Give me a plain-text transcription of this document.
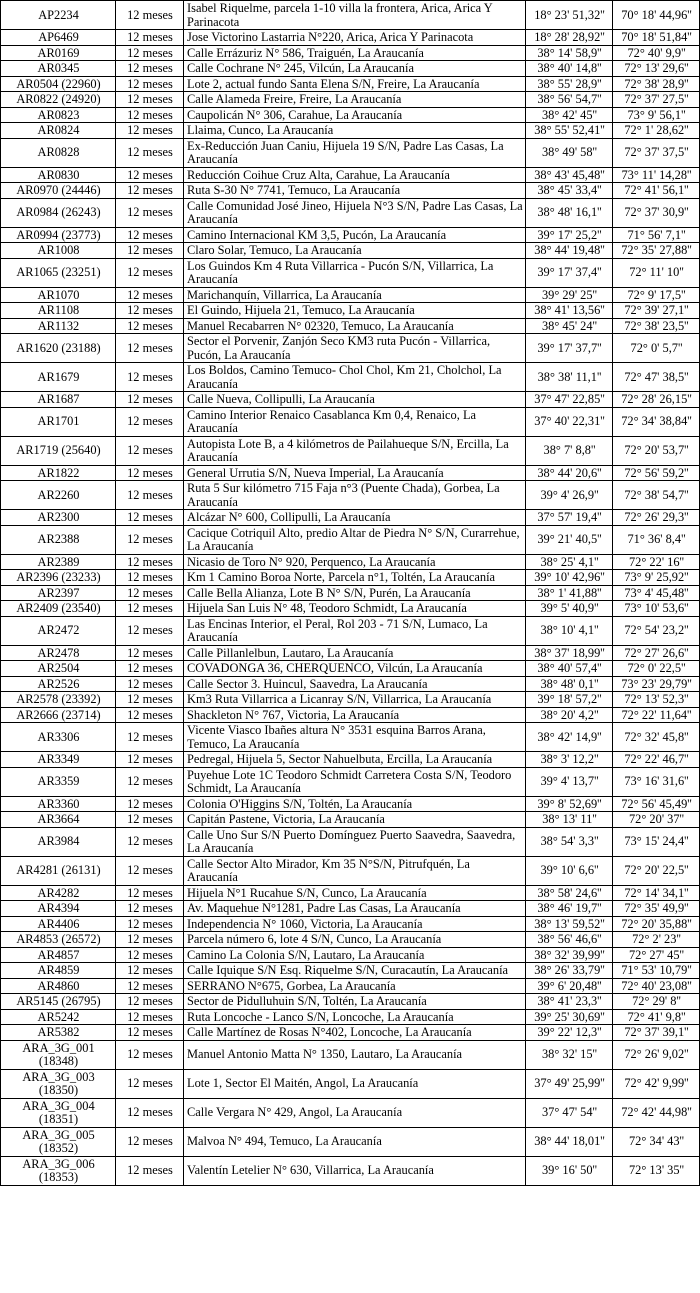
AP2234	12 meses	Isabel Riquelme, parcela 1-10 villa la frontera, Arica, Arica Y Parinacota	18° 23' 51,32''	70° 18' 44,96''
AP6469	12 meses	Jose Victorino Lastarria N°220, Arica, Arica Y Parinacota	18° 28' 28,92''	70° 18' 51,84''
AR0169	12 meses	Calle Errázuriz N° 586, Traiguén, La Araucanía	38° 14' 58,9''	72° 40' 9,9''
AR0345	12 meses	Calle Cochrane N° 245, Vilcún, La Araucanía	38° 40' 14,8''	72° 13' 29,6''
AR0504 (22960)	12 meses	Lote 2, actual fundo Santa Elena S/N, Freire, La Araucanía	38° 55' 28,9''	72° 38' 28,9''
AR0822 (24920)	12 meses	Calle Alameda Freire, Freire, La Araucanía	38° 56' 54,7''	72° 37' 27,5''
AR0823	12 meses	Caupolicán N° 306, Carahue, La Araucanía	38° 42' 45''	73° 9' 56,1''
AR0824	12 meses	Llaima, Cunco, La Araucanía	38° 55' 52,41''	72° 1' 28,62''
AR0828	12 meses	Ex-Reducción Juan Caniu, Hijuela 19 S/N, Padre Las Casas, La Araucanía	38° 49' 58''	72° 37' 37,5''
AR0830	12 meses	Reducción Coihue Cruz Alta, Carahue, La Araucanía	38° 43' 45,48''	73° 11' 14,28''
AR0970 (24446)	12 meses	Ruta S-30 N° 7741, Temuco, La Araucanía	38° 45' 33,4''	72° 41' 56,1''
AR0984 (26243)	12 meses	Calle Comunidad José Jineo, Hijuela N°3 S/N, Padre Las Casas, La Araucanía	38° 48' 16,1''	72° 37' 30,9''
AR0994 (23773)	12 meses	Camino Internacional KM 3,5, Pucón, La Araucanía	39° 17' 25,2''	71° 56' 7,1''
AR1008	12 meses	Claro Solar, Temuco, La Araucanía	38° 44' 19,48''	72° 35' 27,88''
AR1065 (23251)	12 meses	Los Guindos Km 4 Ruta Villarrica - Pucón S/N, Villarrica, La Araucanía	39° 17' 37,4''	72° 11' 10''
AR1070	12 meses	Marichanquín, Villarrica, La Araucanía	39° 29' 25''	72° 9' 17,5''
AR1108	12 meses	El Guindo, Hijuela 21, Temuco, La Araucanía	38° 41' 13,56''	72° 39' 27,1''
AR1132	12 meses	Manuel Recabarren N° 02320, Temuco, La Araucanía	38° 45' 24''	72° 38' 23,5''
AR1620 (23188)	12 meses	Sector el Porvenir, Zanjón Seco KM3 ruta Pucón - Villarrica, Pucón, La Araucanía	39° 17' 37,7''	72° 0' 5,7''
AR1679	12 meses	Los Boldos, Camino Temuco- Chol Chol, Km 21, Cholchol, La Araucanía	38° 38' 11,1''	72° 47' 38,5''
AR1687	12 meses	Calle Nueva, Collipulli, La Araucanía	37° 47' 22,85''	72° 28' 26,15''
AR1701	12 meses	Camino Interior Renaico Casablanca Km 0,4, Renaico, La Araucanía	37° 40' 22,31''	72° 34' 38,84''
AR1719 (25640)	12 meses	Autopista Lote B, a 4 kilómetros de Pailahueque S/N, Ercilla, La Araucanía	38° 7' 8,8''	72° 20' 53,7''
AR1822	12 meses	General Urrutia S/N, Nueva Imperial, La Araucanía	38° 44' 20,6''	72° 56' 59,2''
AR2260	12 meses	Ruta 5 Sur kilómetro 715 Faja n°3 (Puente Chada), Gorbea, La Araucanía	39° 4' 26,9''	72° 38' 54,7''
AR2300	12 meses	Alcázar N° 600, Collipulli, La Araucanía	37° 57' 19,4''	72° 26' 29,3''
AR2388	12 meses	Cacique Cotriquil Alto, predio Altar de Piedra N° S/N, Curarrehue, La Araucanía	39° 21' 40,5''	71° 36' 8,4''
AR2389	12 meses	Nicasio de Toro N° 920, Perquenco, La Araucanía	38° 25' 4,1''	72° 22' 16''
AR2396 (23233)	12 meses	Km 1 Camino Boroa Norte, Parcela n°1, Toltén, La Araucanía	39° 10' 42,96''	73° 9' 25,92''
AR2397	12 meses	Calle Bella Alianza, Lote B N° S/N, Purén, La Araucanía	38° 1' 41,88''	73° 4' 45,48''
AR2409 (23540)	12 meses	Hijuela San Luis N° 48, Teodoro Schmidt, La Araucanía	39° 5' 40,9''	73° 10' 53,6''
AR2472	12 meses	Las Encinas Interior, el Peral, Rol 203 - 71 S/N, Lumaco, La Araucanía	38° 10' 4,1''	72° 54' 23,2''
AR2478	12 meses	Calle Pillanlelbun, Lautaro, La Araucanía	38° 37' 18,99''	72° 27' 26,6''
AR2504	12 meses	COVADONGA 36, CHERQUENCO, Vilcún, La Araucanía	38° 40' 57,4''	72° 0' 22,5''
AR2526	12 meses	Calle Sector 3. Huincul, Saavedra, La Araucanía	38° 48' 0,1''	73° 23' 29,79''
AR2578 (23392)	12 meses	Km3 Ruta Villarrica a Licanray S/N, Villarrica, La Araucanía	39° 18' 57,2''	72° 13' 52,3''
AR2666 (23714)	12 meses	Shackleton N° 767, Victoria, La Araucanía	38° 20' 4,2''	72° 22' 11,64''
AR3306	12 meses	Vicente Viasco Ibañes altura N° 3531 esquina Barros Arana, Temuco, La Araucanía	38° 42' 14,9''	72° 32' 45,8''
AR3349	12 meses	Pedregal, Hijuela 5, Sector Nahuelbuta, Ercilla, La Araucanía	38° 3' 12,2''	72° 22' 46,7''
AR3359	12 meses	Puyehue Lote 1C Teodoro Schmidt Carretera Costa S/N, Teodoro Schmidt, La Araucanía	39° 4' 13,7''	73° 16' 31,6''
AR3360	12 meses	Colonia O'Higgins S/N, Toltén, La Araucanía	39° 8' 52,69''	72° 56' 45,49''
AR3664	12 meses	Capitán Pastene, Victoria, La Araucanía	38° 13' 11''	72° 20' 37''
AR3984	12 meses	Calle Uno Sur S/N Puerto Domínguez Puerto Saavedra, Saavedra, La Araucanía	38° 54' 3,3''	73° 15' 24,4''
AR4281 (26131)	12 meses	Calle Sector Alto Mirador, Km 35 N°S/N, Pitrufquén, La Araucanía	39° 10' 6,6''	72° 20' 22,5''
AR4282	12 meses	Hijuela N°1 Rucahue S/N, Cunco, La Araucanía	38° 58' 24,6''	72° 14' 34,1''
AR4394	12 meses	Av. Maquehue N°1281, Padre Las Casas, La Araucanía	38° 46' 19,7''	72° 35' 49,9''
AR4406	12 meses	Independencia N° 1060, Victoria, La Araucanía	38° 13' 59,52''	72° 20' 35,88''
AR4853 (26572)	12 meses	Parcela número 6, lote 4 S/N, Cunco, La Araucanía	38° 56' 46,6''	72° 2' 23''
AR4857	12 meses	Camino La Colonia S/N, Lautaro, La Araucanía	38° 32' 39,99''	72° 27' 45''
AR4859	12 meses	Calle Iquique S/N Esq. Riquelme S/N, Curacautín, La Araucanía	38° 26' 33,79''	71° 53' 10,79''
AR4860	12 meses	SERRANO N°675, Gorbea, La Araucanía	39° 6' 20,48''	72° 40' 23,08''
AR5145 (26795)	12 meses	Sector de Pidulluhuin S/N, Toltén, La Araucanía	38° 41' 23,3''	72° 29' 8''
AR5242	12 meses	Ruta Loncoche - Lanco S/N, Loncoche, La Araucanía	39° 25' 30,69''	72° 41' 9,8''
AR5382	12 meses	Calle Martínez de Rosas N°402, Loncoche, La Araucanía	39° 22' 12,3''	72° 37' 39,1''
ARA_3G_001 (18348)	12 meses	Manuel Antonio Matta N° 1350, Lautaro, La Araucanía	38° 32' 15''	72° 26' 9,02''
ARA_3G_003 (18350)	12 meses	Lote 1, Sector El Maitén, Angol, La Araucanía	37° 49' 25,99''	72° 42' 9,99''
ARA_3G_004 (18351)	12 meses	Calle Vergara N° 429, Angol, La Araucanía	37° 47' 54''	72° 42' 44,98''
ARA_3G_005 (18352)	12 meses	Malvoa N° 494, Temuco, La Araucanía	38° 44' 18,01''	72° 34' 43''
ARA_3G_006 (18353)	12 meses	Valentín Letelier N° 630, Villarrica, La Araucanía	39° 16' 50''	72° 13' 35''
